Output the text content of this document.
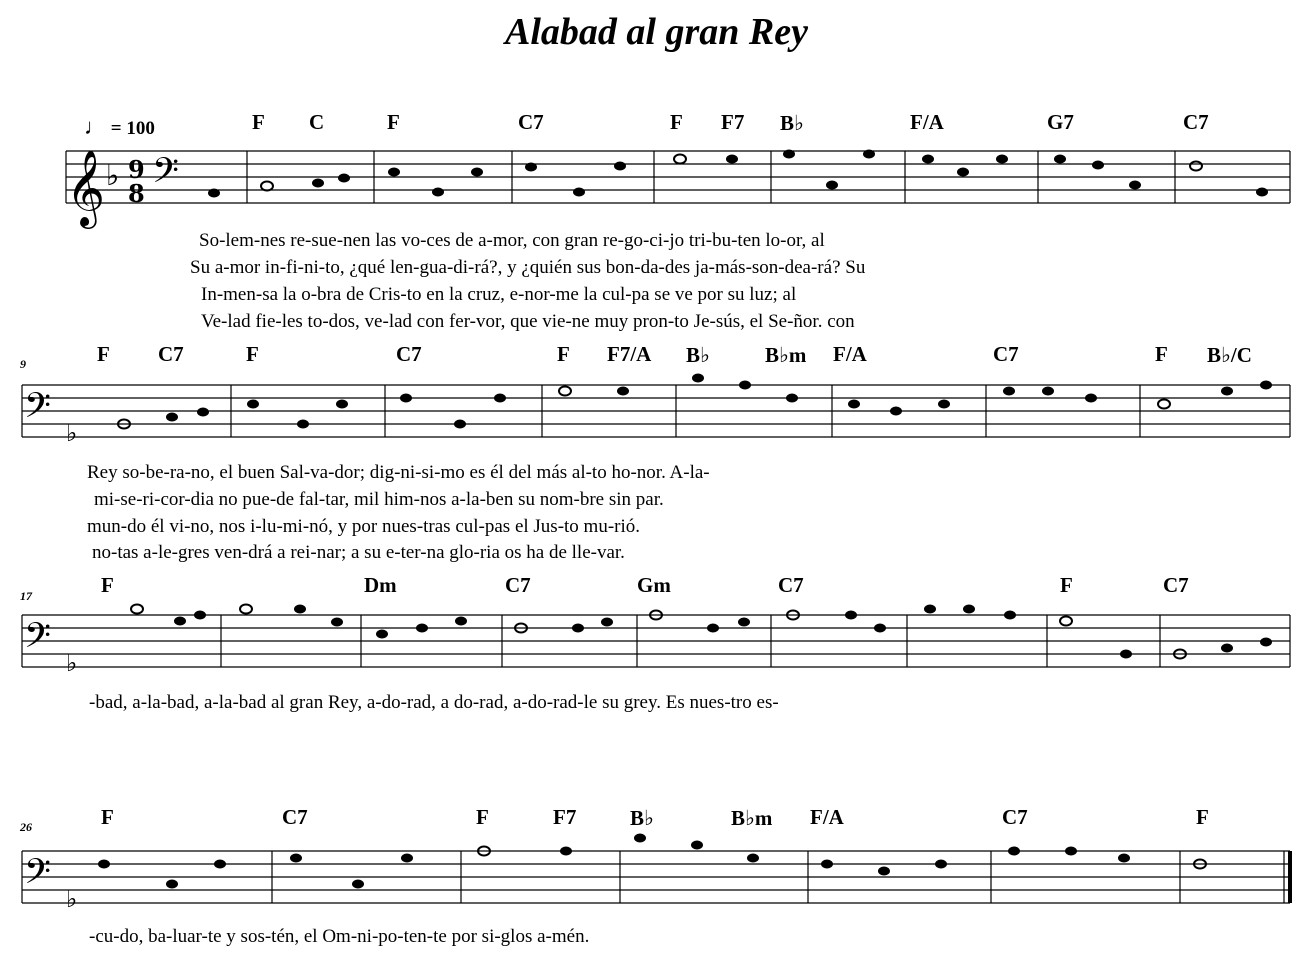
Alabad al gran Rey
♩ = 100
9
17
26
F C	F	C7	F F7 B♭	F/A	G7	C7
F C7	F	C7	F F7/A B♭	B♭m F/A	C7	F B♭/C
F	Dm	C7	Gm	C7	F	C7
F	C7	F	F7	B♭	B♭m F/A	C7	F
𝄞 ♭ 9
8 𝄢
𝄢 ♭
𝄢 ♭
𝄢 ♭
So-lem-nes re-sue-nen las vo-ces de a-mor, con gran re-go-ci-jo tri-bu-ten lo-or, al
Su a-mor in-fi-ni-to, ¿qué len-gua-di-rá?, y ¿quién sus bon-da-des ja-más-son-dea-rá? Su
In-men-sa la o-bra de Cris-to en la cruz, e-nor-me la cul-pa se ve por su luz; al
Ve-lad fie-les to-dos, ve-lad con fer-vor, que vie-ne muy pron-to Je-sús, el Se-ñor. con
Rey so-be-ra-no, el buen Sal-va-dor; dig-ni-si-mo es él del más al-to ho-nor. A-la-
mi-se-ri-cor-dia no pue-de fal-tar, mil him-nos a-la-ben su nom-bre sin par.
mun-do él vi-no, nos i-lu-mi-nó, y por nues-tras cul-pas el Jus-to mu-rió.
no-tas a-le-gres ven-drá a rei-nar; a su e-ter-na glo-ria os ha de lle-var.
-bad, a-la-bad, a-la-bad al gran Rey, a-do-rad, a do-rad, a-do-rad-le su grey. Es nues-tro es-
-cu-do, ba-luar-te y sos-tén, el Om-ni-po-ten-te por si-glos a-mén.
